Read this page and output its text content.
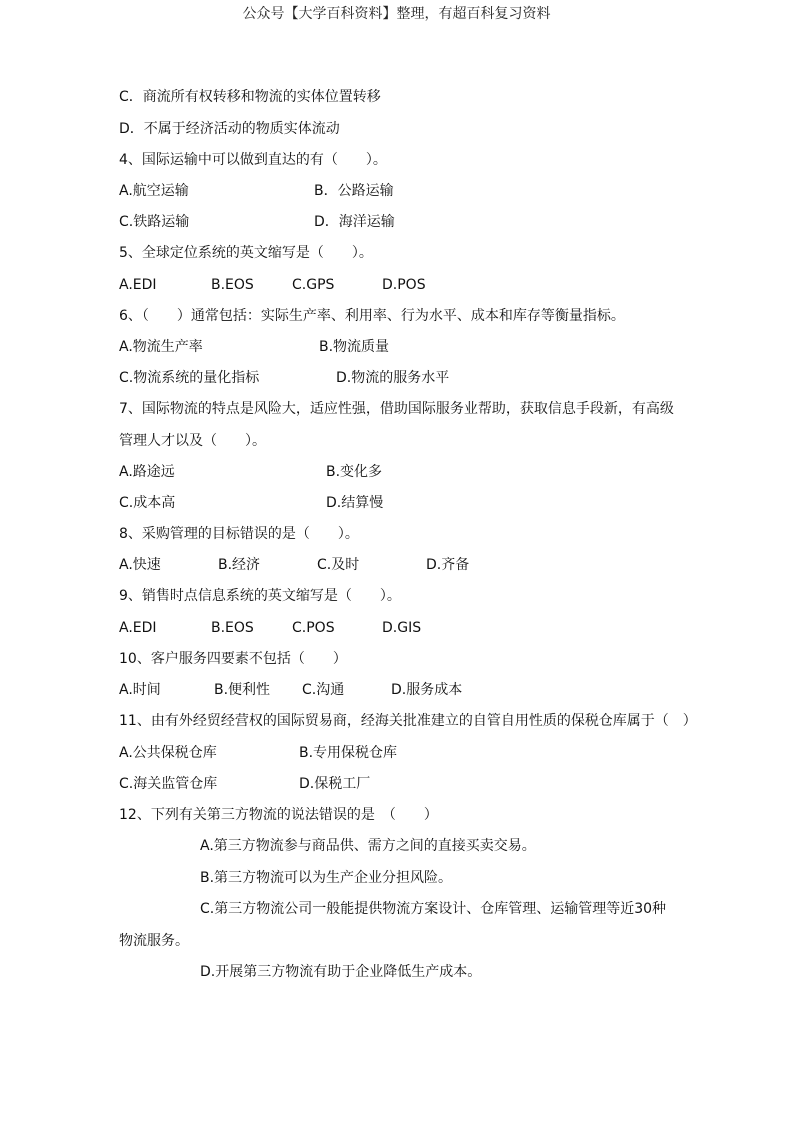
公众号【大学百科资料】整理，有超百科复习资料
C．商流所有权转移和物流的实体位置转移
D．不属于经济活动的物质实体流动
4、国际运输中可以做到直达的有（　　）。
A.航空运输	B．公路运输
C.铁路运输	D．海洋运输
5、全球定位系统的英文缩写是（　　）。
A.EDI	B.EOS	C.GPS	D.POS
6、（　　）通常包括：实际生产率、利用率、行为水平、成本和库存等衡量指标。
A.物流生产率	B.物流质量
C.物流系统的量化指标	D.物流的服务水平
7、国际物流的特点是风险大，适应性强，借助国际服务业帮助，获取信息手段新，有高级
管理人才以及（　　）。
A.路途远	B.变化多
C.成本高	D.结算慢
8、采购管理的目标错误的是（　　）。
A.快速	B.经济	C.及时	D.齐备
9、销售时点信息系统的英文缩写是（　　）。
A.EDI	B.EOS	C.POS	D.GIS
10、客户服务四要素不包括（　　）
A.时间	B.便利性 C.沟通	D.服务成本
11、由有外经贸经营权的国际贸易商，经海关批准建立的自管自用性质的保税仓库属于（　）
A.公共保税仓库	B.专用保税仓库
C.海关监管仓库	D.保税工厂
12、下列有关第三方物流的说法错误的是　（　　）
A.第三方物流参与商品供、需方之间的直接买卖交易。
B.第三方物流可以为生产企业分担风险。
C.第三方物流公司一般能提供物流方案设计、仓库管理、运输管理等近30种
物流服务。
D.开展第三方物流有助于企业降低生产成本。
